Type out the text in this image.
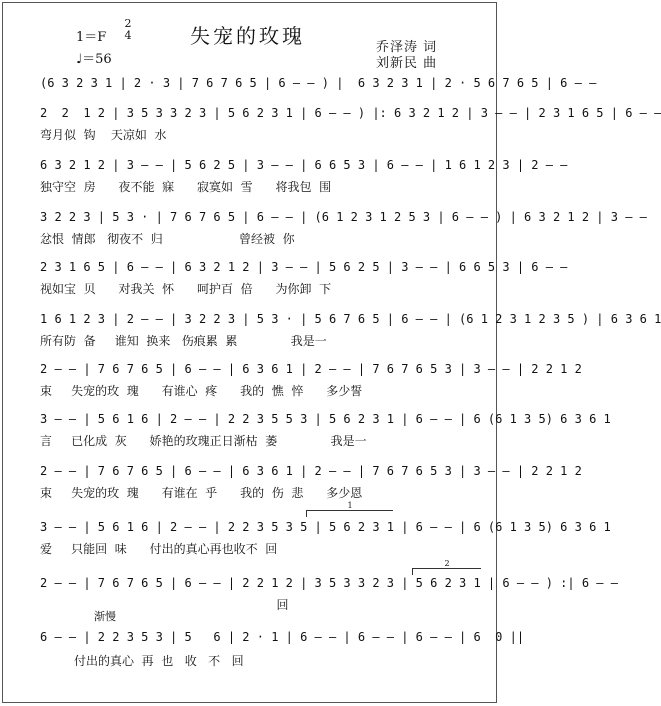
失宠的玫瑰
1＝F
2
4
♩＝56
乔泽涛 词
刘新民 曲
(6 3 2 3 1 | 2 · 3 | 7 6 7 6 5 | 6 — — ) |  6 3 2 3 1 | 2 · 5 6 7 6 5 | 6 — —
2  2  1 2 | 3 5 3 3 2 3 | 5 6 2 3 1 | 6 — — ) |: 6 3 2 1 2 | 3 — — | 2 3 1 6 5 | 6 — —
弯月似  钩    天凉如  水
6 3 2 1 2 | 3 — — | 5 6 2 5 | 3 — — | 6 6 5 3 | 6 — — | 1 6 1 2 3 | 2 — —
独守空  房      夜不能  寐      寂寞如  雪      将我包  围
3 2 2 3 | 5 3 · | 7 6 7 6 5 | 6 — — | (6 1 2 3 1 2 5 3 | 6 — — ) | 6 3 2 1 2 | 3 — —
忿恨  情郎   彻夜不  归                    曾经被  你
2 3 1 6 5 | 6 — — | 6 3 2 1 2 | 3 — — | 5 6 2 5 | 3 — — | 6 6 5 3 | 6 — —
视如宝  贝      对我关  怀      呵护百  倍      为你卸  下
1 6 1 2 3 | 2 — — | 3 2 2 3 | 5 3 · | 5 6 7 6 5 | 6 — — | (6 1 2 3 1 2 3 5 ) | 6 3 6 1
所有防  备     谁知  换来   伤痕累  累              我是一
2 — — | 7 6 7 6 5 | 6 — — | 6 3 6 1 | 2 — — | 7 6 7 6 5 3 | 3 — — | 2 2 1 2
束     失宠的玫  瑰      有谁心  疼      我的  憔  悴      多少誓
3 — — | 5 6 1 6 | 2 — — | 2 2 3 5 5 3 | 5 6 2 3 1 | 6 — — | 6 (6 1 3 5) 6 3 6 1
言     已化成  灰      娇艳的玫瑰正日渐枯  萎              我是一
2 — — | 7 6 7 6 5 | 6 — — | 6 3 6 1 | 2 — — | 7 6 7 6 5 3 | 3 — — | 2 2 1 2
束     失宠的玫  瑰      有谁在  乎      我的  伤  悲      多少恩
1
3 — — | 5 6 1 6 | 2 — — | 2 2 3 5 3 5 | 5 6 2 3 1 | 6 — — | 6 (6 1 3 5) 6 3 6 1
爱     只能回  味      付出的真心再也收不  回
2
2 — — | 7 6 7 6 5 | 6 — — | 2 2 1 2 | 3 5 3 3 2 3 | 5 6 2 3 1 | 6 — — ) :| 6 — —
回
渐慢
6 — — | 2 2 3 5 3 | 5   6 | 2 · 1 | 6 — — | 6 — — | 6 — — | 6  0 ||
付出的真心  再  也   收   不   回
